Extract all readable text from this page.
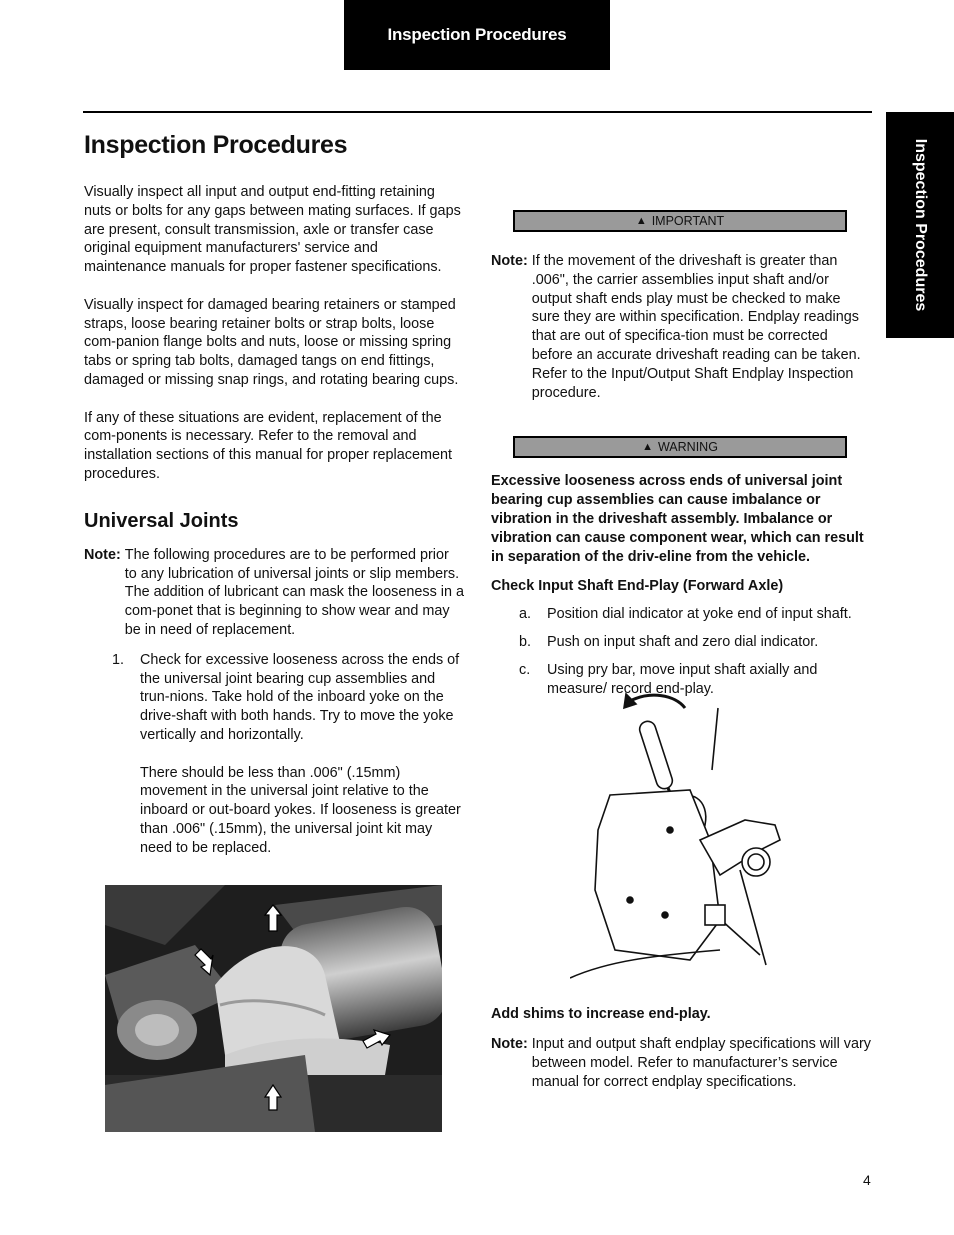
Inspection Procedures
Inspection Procedures
Inspection Procedures

Visually inspect all input and output end-fitting retaining nuts or bolts for any gaps between mating surfaces. If gaps are present, consult transmission, axle or transfer case original equipment manufacturers' service and maintenance manuals for proper fastener specifications.

Visually inspect for damaged bearing retainers or stamped straps, loose bearing retainer bolts or strap bolts, loose com-panion flange bolts and nuts, loose or missing spring tabs or spring tab bolts, damaged tangs on end fittings, damaged or missing snap rings, and rotating bearing cups.

If any of these situations are evident, replacement of the com-ponents is necessary. Refer to the removal and installation sections of this manual for proper replacement procedures.

Universal Joints
Note: The following procedures are to be performed prior to any lubrication of universal joints or slip members. The addition of lubricant can mask the looseness in a com-ponet that is beginning to show wear and may be in need of replacement.
1.	Check for excessive looseness across the ends of the universal joint bearing cup assemblies and trun-nions. Take hold of the inboard yoke on the drive-shaft with both hands. Try to move the yoke vertically and horizontally.

There should be less than .006" (.15mm) movement in the universal joint relative to the inboard or out-board yokes. If looseness is greater than .006" (.15mm), the universal joint kit may need to be replaced.

▲ IMPORTANT
Note: If the movement of the driveshaft is greater than .006", the carrier assemblies input shaft and/or output shaft ends play must be checked to make sure they are within specification. Endplay readings that are out of specifica-tion must be corrected before an accurate driveshaft reading can be taken. Refer to the Input/Output Shaft Endplay Inspection procedure.
▲ WARNING

Excessive looseness across ends of universal joint bearing cup assemblies can cause imbalance or vibration in the driveshaft assembly. Imbalance or vibration can cause component wear, which can result in separation of the driv-eline from the vehicle.

Check Input Shaft End-Play (Forward Axle)

a.	Position dial indicator at yoke end of input shaft.
b.	Push on input shaft and zero dial indicator.
c.	Using pry bar, move input shaft axially and measure/ record end-play.

Add shims to increase end-play.

Note: Input and output shaft endplay specifications will vary between model. Refer to manufacturer’s service manual for correct endplay specifications.
4
